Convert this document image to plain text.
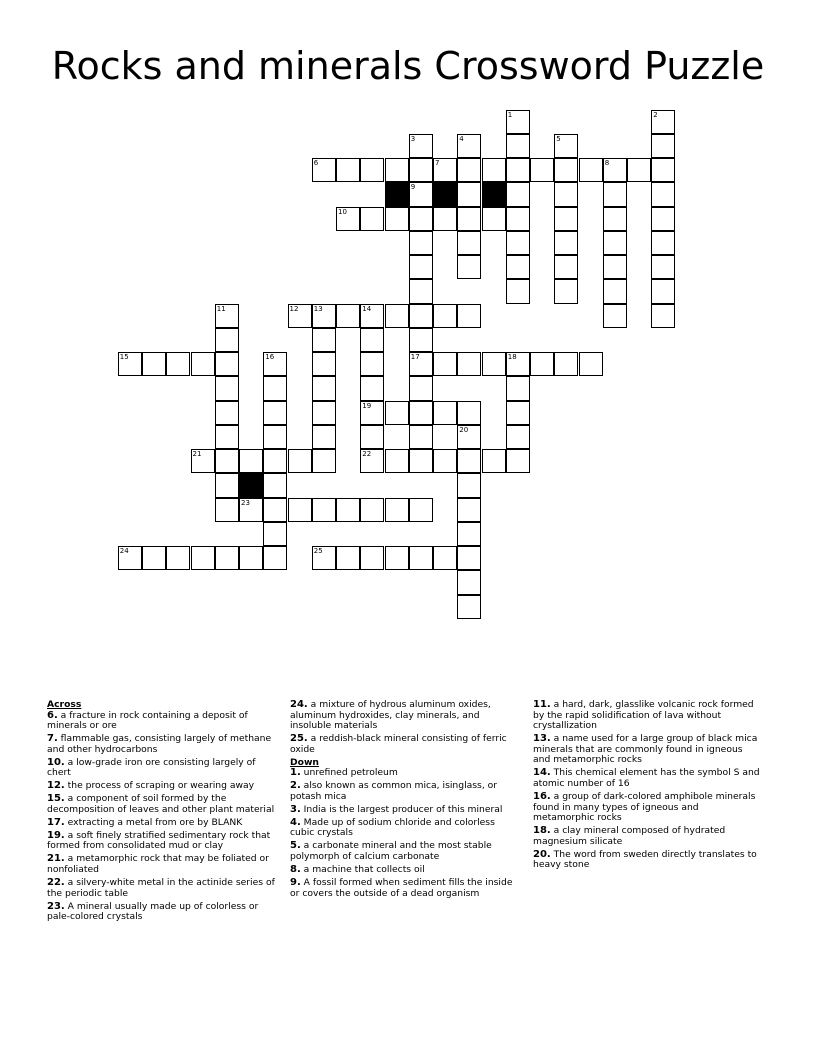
Rocks and minerals Crossword Puzzle
1	2
3
9
17
4	5
6	7	8
10
12 13	14
11
19
22
15	16	18
20
21
23
24	25
Across
6. a fracture in rock containing a deposit of minerals or ore
7. flammable gas, consisting largely of methane and other hydrocarbons
10. a low-grade iron ore consisting largely of chert
12. the process of scraping or wearing away
15. a component of soil formed by the decomposition of leaves and other plant material
17. extracting a metal from ore by BLANK
19. a soft finely stratified sedimentary rock that formed from consolidated mud or clay
21. a metamorphic rock that may be foliated or nonfoliated
22. a silvery-white metal in the actinide series of the periodic table
23. A mineral usually made up of colorless or pale-colored crystals
24. a mixture of hydrous aluminum oxides, aluminum hydroxides, clay minerals, and insoluble materials
25. a reddish-black mineral consisting of ferric oxide
Down
1. unrefined petroleum
2. also known as common mica, isinglass, or potash mica
3. India is the largest producer of this mineral
4. Made up of sodium chloride and colorless cubic crystals
5. a carbonate mineral and the most stable polymorph of calcium carbonate
8. a machine that collects oil
9. A fossil formed when sediment fills the inside or covers the outside of a dead organism
11. a hard, dark, glasslike volcanic rock formed by the rapid solidification of lava without crystallization
13. a name used for a large group of black mica minerals that are commonly found in igneous and metamorphic rocks
14. This chemical element has the symbol S and atomic number of 16
16. a group of dark-colored amphibole minerals found in many types of igneous and metamorphic rocks
18. a clay mineral composed of hydrated magnesium silicate
20. The word from sweden directly translates to heavy stone
